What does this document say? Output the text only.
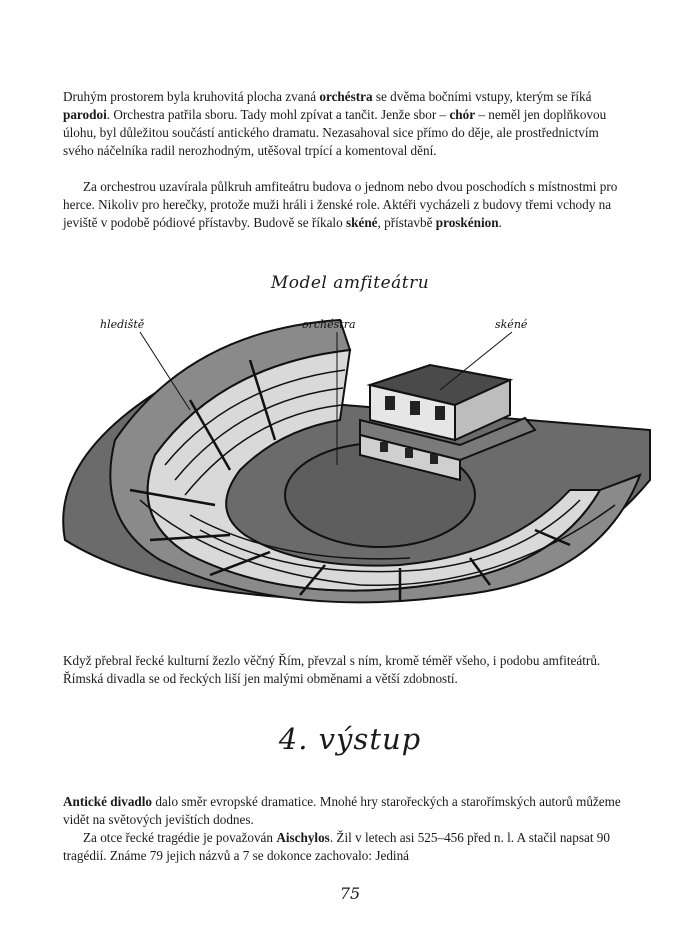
Druhým prostorem byla kruhovitá plocha zvaná orchéstra se dvěma bočními vstupy, kterým se říká parodoi. Orchestra patřila sboru. Tady mohl zpívat a tančit. Jenže sbor – chór – neměl jen doplňkovou úlohu, byl důležitou součástí antického dramatu. Nezasahoval sice přímo do děje, ale prostřednictvím svého náčelníka radil nerozhodným, utěšoval trpící a komentoval dění.

Za orchestrou uzavírala půlkruh amfiteátru budova o jednom nebo dvou poschodích s místnostmi pro herce. Nikoliv pro herečky, protože muži hráli i ženské role. Aktéři vycházeli z budovy třemi vchody na jeviště v podobě pódiové přístavby. Budově se říkalo skéné, přístavbě proskénion.

Model amfiteátru
hlediště	orchéstra	skéné

Když přebral řecké kulturní žezlo věčný Řím, převzal s ním, kromě téměř všeho, i podobu amfiteátrů. Římská divadla se od řeckých liší jen malými obměnami a větší zdobností.

4. výstup

Antické divadlo dalo směr evropské dramatice. Mnohé hry starořeckých a starořímských autorů můžeme vidět na světových jevištích dodnes.

Za otce řecké tragédie je považován Aischylos. Žil v letech asi 525–456 před n. l. A stačil napsat 90 tragédií. Známe 79 jejich názvů a 7 se dokonce zachovalo: Jediná

75
